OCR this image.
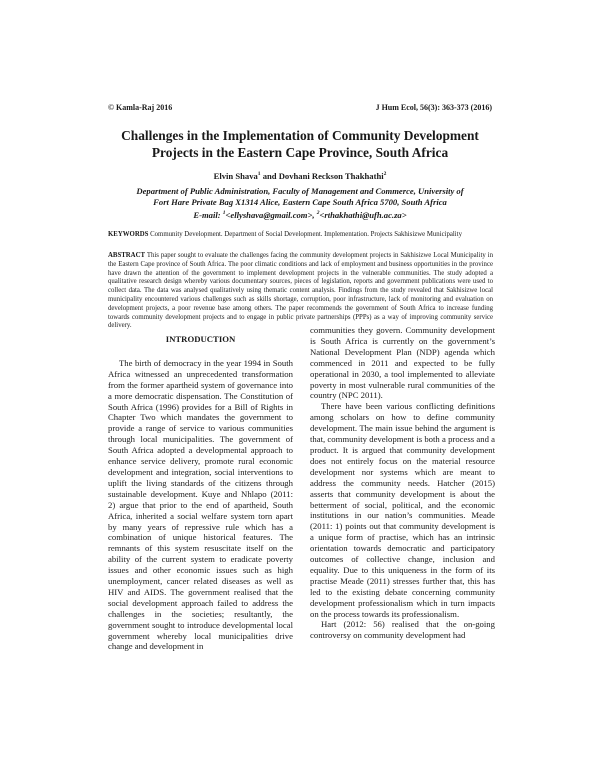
© Kamla-Raj 2016	J Hum Ecol, 56(3): 363-373 (2016)
Challenges in the Implementation of Community Development Projects in the Eastern Cape Province, South Africa
Elvin Shava$^1$ and Dovhani Reckson Thakhathi$^2$
Department of Public Administration, Faculty of Management and Commerce, University of
Fort Hare Private Bag X1314 Alice, Eastern Cape South Africa 5700, South Africa
E-mail: $^1$<ellyshava@gmail.com>, $^2$<rthakhathi@ufh.ac.za>
KEYWORDS Community Development. Department of Social Development. Implementation. Projects Sakhisizwe Municipality
ABSTRACT This paper sought to evaluate the challenges facing the community development projects in Sakhisizwe Local Municipality in the Eastern Cape province of South Africa. The poor climatic conditions and lack of employment and business opportunities in the province have drawn the attention of the government to implement development projects in the vulnerable communities. The study adopted a qualitative research design whereby various documentary sources, pieces of legislation, reports and government publications were used to collect data. The data was analysed qualitatively using thematic content analysis. Findings from the study revealed that Sakhisizwe local municipality encountered various challenges such as skills shortage, corruption, poor infrastructure, lack of monitoring and evaluation on development projects, a poor revenue base among others. The paper recommends the government of South Africa to increase funding towards community development projects and to engage in public private partnerships (PPPs) as a way of improving community service delivery.
INTRODUCTION

The birth of democracy in the year 1994 in South Africa witnessed an unprecedented transformation from the former apartheid system of governance into a more democratic dispensation. The Constitution of South Africa (1996) provides for a Bill of Rights in Chapter Two which mandates the government to provide a range of service to various communities through local municipalities. The government of South Africa adopted a developmental approach to enhance service delivery, promote rural economic development and integration, social interventions to uplift the living standards of the citizens through sustainable development. Kuye and Nhlapo (2011: 2) argue that prior to the end of apartheid, South Africa, inherited a social welfare system torn apart by many years of repressive rule which has a combination of unique historical features. The remnants of this system resuscitate itself on the ability of the current system to eradicate poverty issues and other economic issues such as high unemployment, cancer related diseases as well as HIV and AIDS. The government realised that the social development approach failed to address the challenges in the societies; resultantly, the government sought to introduce developmental local government whereby local municipalities drive change and development in

communities they govern. Community development is South Africa is currently on the government’s National Development Plan (NDP) agenda which commenced in 2011 and expected to be fully operational in 2030, a tool implemented to alleviate poverty in most vulnerable rural communities of the country (NPC 2011).

There have been various conflicting definitions among scholars on how to define community development. The main issue behind the argument is that, community development is both a process and a product. It is argued that community development does not entirely focus on the material resource development nor systems which are meant to address the community needs. Hatcher (2015) asserts that community development is about the betterment of social, political, and the economic institutions in our nation’s communities. Meade (2011: 1) points out that community development is a unique form of practise, which has an intrinsic orientation towards democratic and participatory outcomes of collective change, inclusion and equality. Due to this uniqueness in the form of its practise Meade (2011) stresses further that, this has led to the existing debate concerning community development professionalism which in turn impacts on the process towards its professionalism.

Hart (2012: 56) realised that the on-going controversy on community development had
